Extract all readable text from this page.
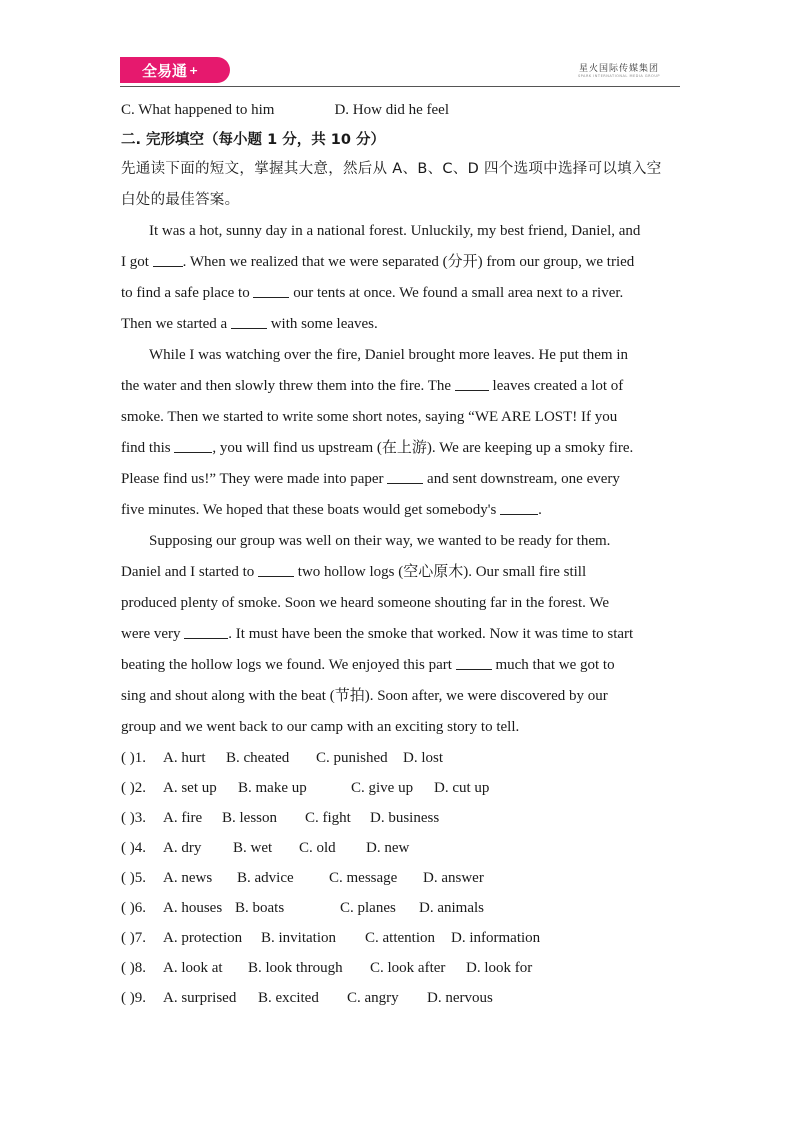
全易通 +	星火国际传媒集团
SPARK INTERNATIONAL MEDIA GROUP
C. What happened to him	D. How did he feel
二. 完形填空（每小题 1 分，共 10 分）
先通读下面的短文，掌握其大意，然后从 A、B、C、D 四个选项中选择可以填入空
白处的最佳答案。
It was a hot, sunny day in a national forest. Unluckily, my best friend, Daniel, and
I got . When we realized that we were separated (分开) from our group, we tried
to find a safe place to  our tents at once. We found a small area next to a river.
Then we started a  with some leaves.
While I was watching over the fire, Daniel brought more leaves. He put them in
the water and then slowly threw them into the fire. The  leaves created a lot of
smoke. Then we started to write some short notes, saying “WE ARE LOST! If you
find this	, you will find us upstream (在上游). We are keeping up a smoky fire.
Please find us!” They were made into paper  and sent downstream, one every
five minutes. We hoped that these boats would get somebody's	.
Supposing our group was well on their way, we wanted to be ready for them.
Daniel and I started to  two hollow logs (空心原木). Our small fire still
produced plenty of smoke. Soon we heard someone shouting far in the forest. We
were very	. It must have been the smoke that worked. Now it was time to start
beating the hollow logs we found. We enjoyed this part  much that we got to
sing and shout along with the beat (节拍). Soon after, we were discovered by our
group and we went back to our camp with an exciting story to tell.
( )1. A. hurt B. cheated C. punished D. lost
( )2. A. set up B. make up	C. give up D. cut up
( )3. A. fire B. lesson C. fight D. business
( )4. A. dry B. wet C. old D. new
( )5. A. news B. advice C. message D. answer
( )6. A. houses B. boats	C. planes D. animals
( )7. A. protection B. invitation C. attention D. information
( )8. A. look at B. look through C. look after D. look for
( )9. A. surprised B. excited C. angry D. nervous
